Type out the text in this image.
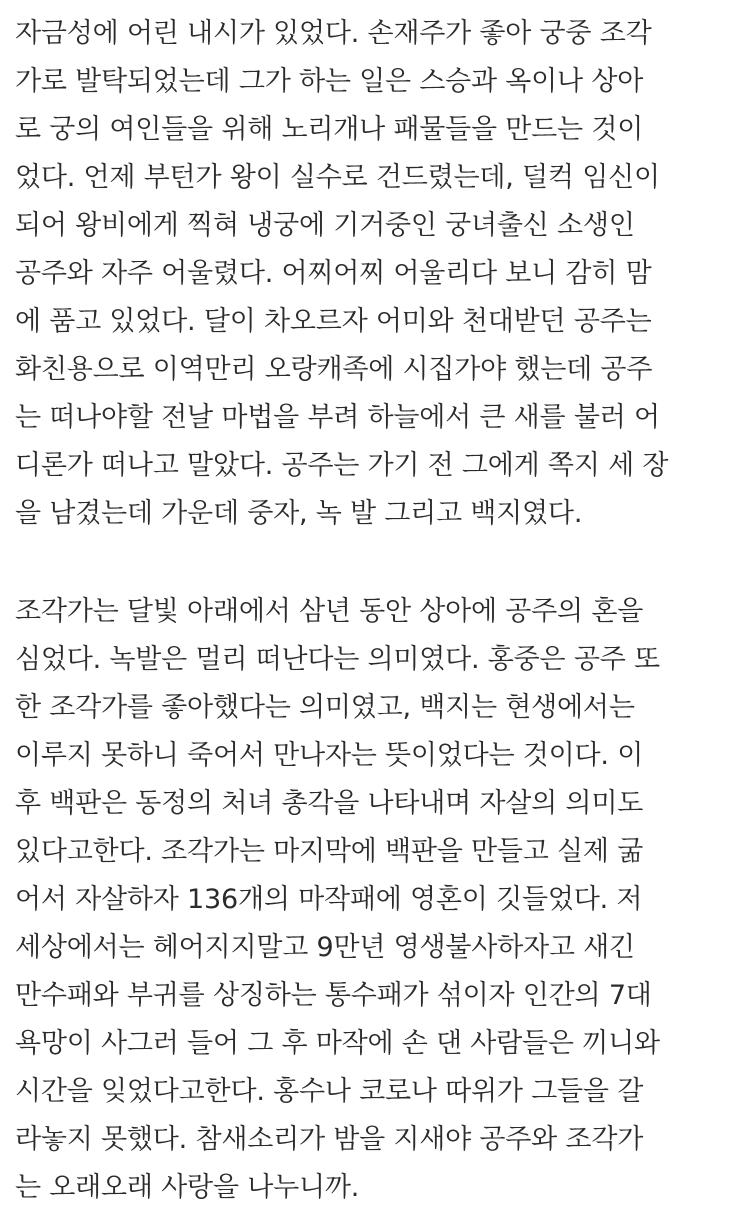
자금성에 어린 내시가 있었다. 손재주가 좋아 궁중 조각
가로 발탁되었는데 그가 하는 일은 스승과 옥이나 상아
로 궁의 여인들을 위해 노리개나 패물들을 만드는 것이
었다. 언제 부턴가 왕이 실수로 건드렸는데, 덜컥 임신이
되어 왕비에게 찍혀 냉궁에 기거중인 궁녀출신 소생인
공주와 자주 어울렸다. 어찌어찌 어울리다 보니 감히 맘
에 품고 있었다. 달이 차오르자 어미와 천대받던 공주는
화친용으로 이역만리 오랑캐족에 시집가야 했는데 공주
는 떠나야할 전날 마법을 부려 하늘에서 큰 새를 불러 어
디론가 떠나고 말았다. 공주는 가기 전 그에게 쪽지 세 장
을 남겼는데 가운데 중자, 녹 발 그리고 백지였다.
조각가는 달빛 아래에서 삼년 동안 상아에 공주의 혼을
심었다. 녹발은 멀리 떠난다는 의미였다. 홍중은 공주 또
한 조각가를 좋아했다는 의미였고, 백지는 현생에서는
이루지 못하니 죽어서 만나자는 뜻이었다는 것이다. 이
후 백판은 동정의 처녀 총각을 나타내며 자살의 의미도
있다고한다. 조각가는 마지막에 백판을 만들고 실제 굶
어서 자살하자 136개의 마작패에 영혼이 깃들었다. 저
세상에서는 헤어지지말고 9만년 영생불사하자고 새긴
만수패와 부귀를 상징하는 통수패가 섞이자 인간의 7대
욕망이 사그러 들어 그 후 마작에 손 댄 사람들은 끼니와
시간을 잊었다고한다. 홍수나 코로나 따위가 그들을 갈
라놓지 못했다. 참새소리가 밤을 지새야 공주와 조각가
는 오래오래 사랑을 나누니까.
